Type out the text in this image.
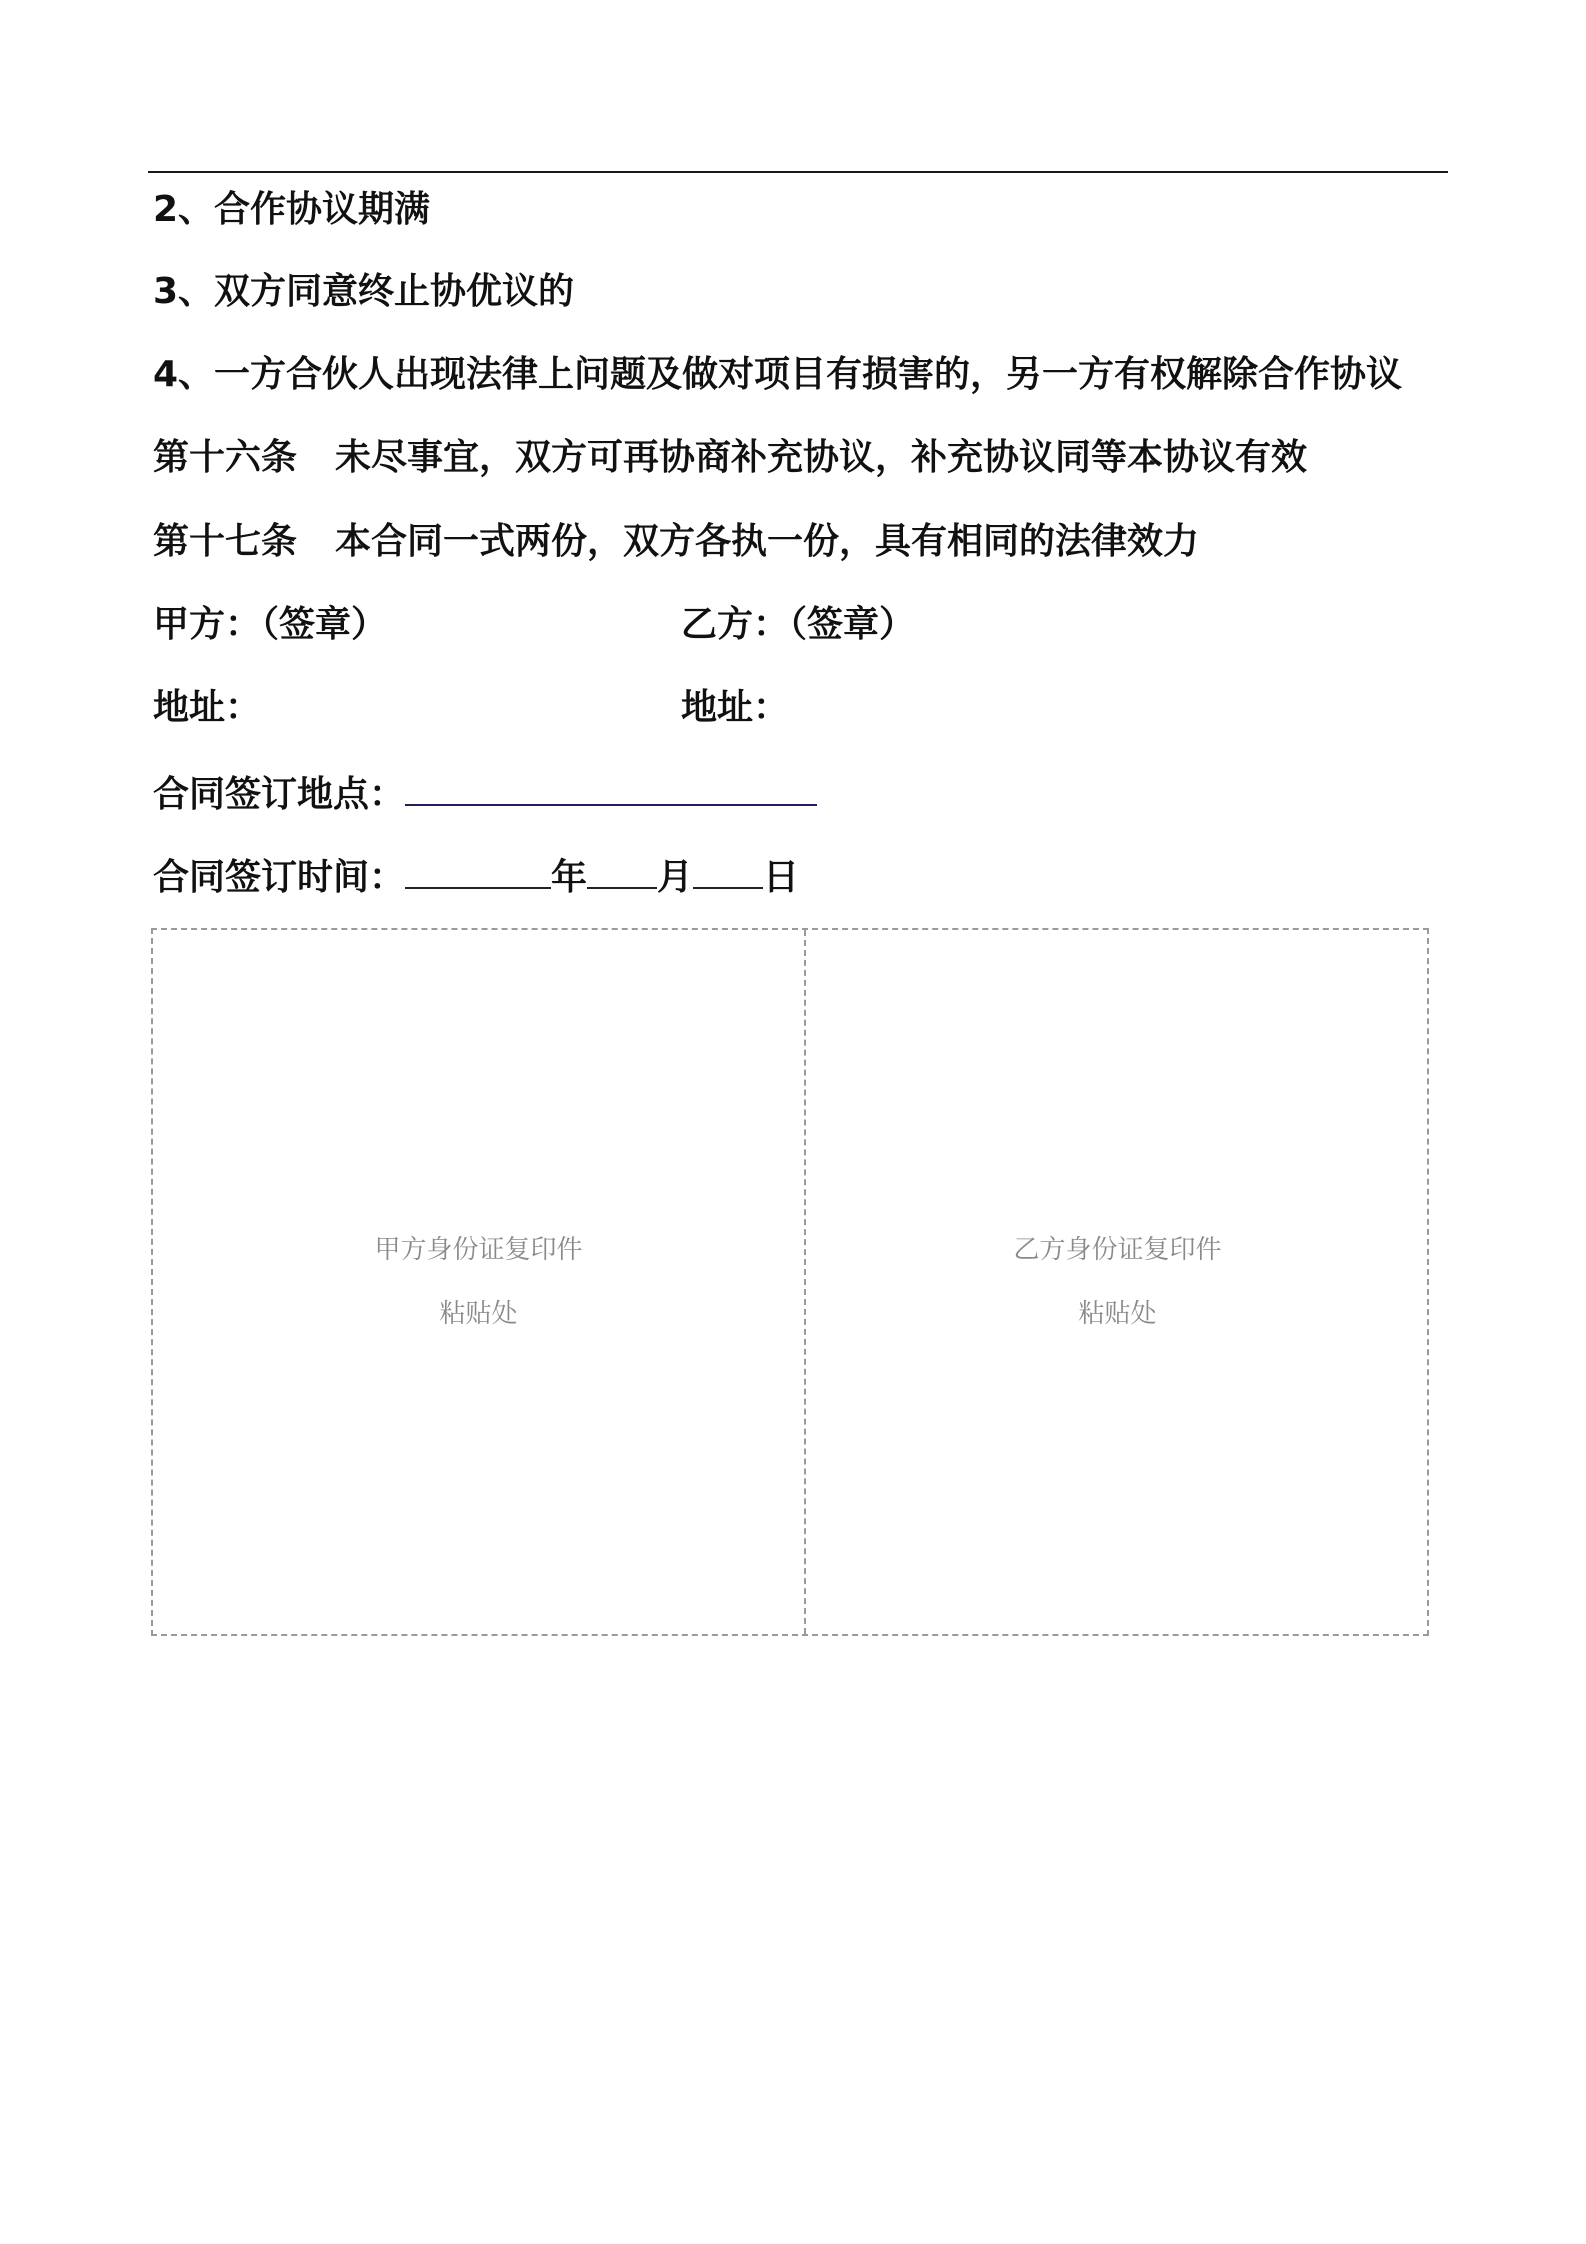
2、合作协议期满
3、双方同意终止协优议的
4、一方合伙人出现法律上问题及做对项目有损害的，另一方有权解除合作协议
第十六条 未尽事宜，双方可再协商补充协议，补充协议同等本协议有效
第十七条 本合同一式两份，双方各执一份，具有相同的法律效力
甲方：（签章）	乙方：（签章）
地址：	地址：
合同签订地点：
合同签订时间：	年 月 日
甲方身份证复印件
粘贴处
乙方身份证复印件
粘贴处
